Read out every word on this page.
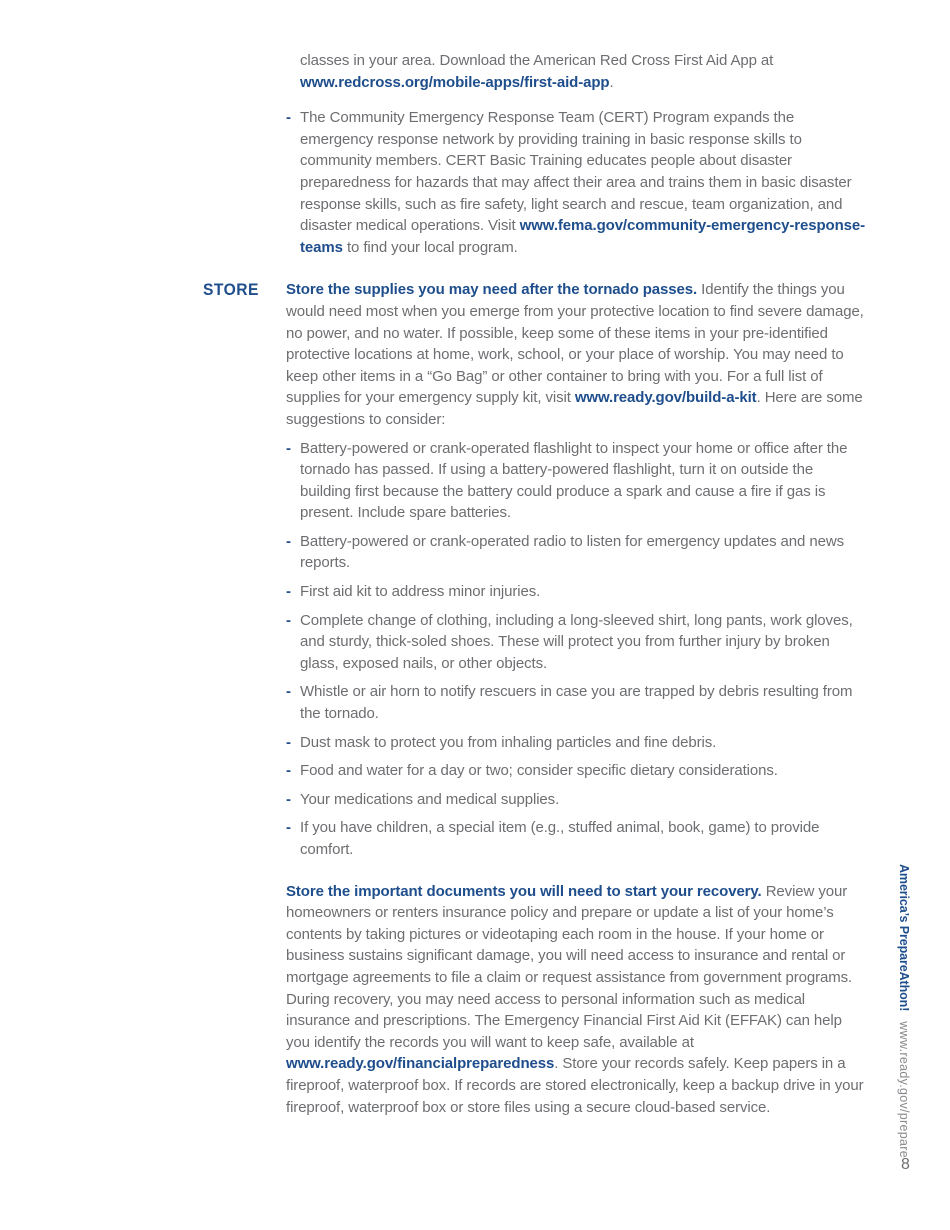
classes in your area. Download the American Red Cross First Aid App at www.redcross.org/mobile-apps/first-aid-app.

- The Community Emergency Response Team (CERT) Program expands the emergency response network by providing training in basic response skills to community members. CERT Basic Training educates people about disaster preparedness for hazards that may affect their area and trains them in basic disaster response skills, such as fire safety, light search and rescue, team organization, and disaster medical operations. Visit www.fema.gov/community-emergency-response-teams to find your local program.

STORE Store the supplies you may need after the tornado passes. Identify the things you would need most when you emerge from your protective location to find severe damage, no power, and no water. If possible, keep some of these items in your pre-identified protective locations at home, work, school, or your place of worship. You may need to keep other items in a “Go Bag” or other container to bring with you. For a full list of supplies for your emergency supply kit, visit www.ready.gov/build-a-kit. Here are some suggestions to consider:

- Battery-powered or crank-operated flashlight to inspect your home or office after the tornado has passed. If using a battery-powered flashlight, turn it on outside the building first because the battery could produce a spark and cause a fire if gas is present. Include spare batteries.
- Battery-powered or crank-operated radio to listen for emergency updates and news reports.
- First aid kit to address minor injuries.
- Complete change of clothing, including a long-sleeved shirt, long pants, work gloves, and sturdy, thick-soled shoes. These will protect you from further injury by broken glass, exposed nails, or other objects.
- Whistle or air horn to notify rescuers in case you are trapped by debris resulting from the tornado.
- Dust mask to protect you from inhaling particles and fine debris.
- Food and water for a day or two; consider specific dietary considerations.
- Your medications and medical supplies.
- If you have children, a special item (e.g., stuffed animal, book, game) to provide comfort.

Store the important documents you will need to start your recovery. Review your homeowners or renters insurance policy and prepare or update a list of your home’s contents by taking pictures or videotaping each room in the house. If your home or business sustains significant damage, you will need access to insurance and rental or mortgage agreements to file a claim or request assistance from government programs. During recovery, you may need access to personal information such as medical insurance and prescriptions. The Emergency Financial First Aid Kit (EFFAK) can help you identify the records you will want to keep safe, available at www.ready.gov/financialpreparedness. Store your records safely. Keep papers in a fireproof, waterproof box. If records are stored electronically, keep a backup drive in your fireproof, waterproof box or store files using a secure cloud-based service.

America’s PrepareAthon!www.ready.gov/prepare
8
